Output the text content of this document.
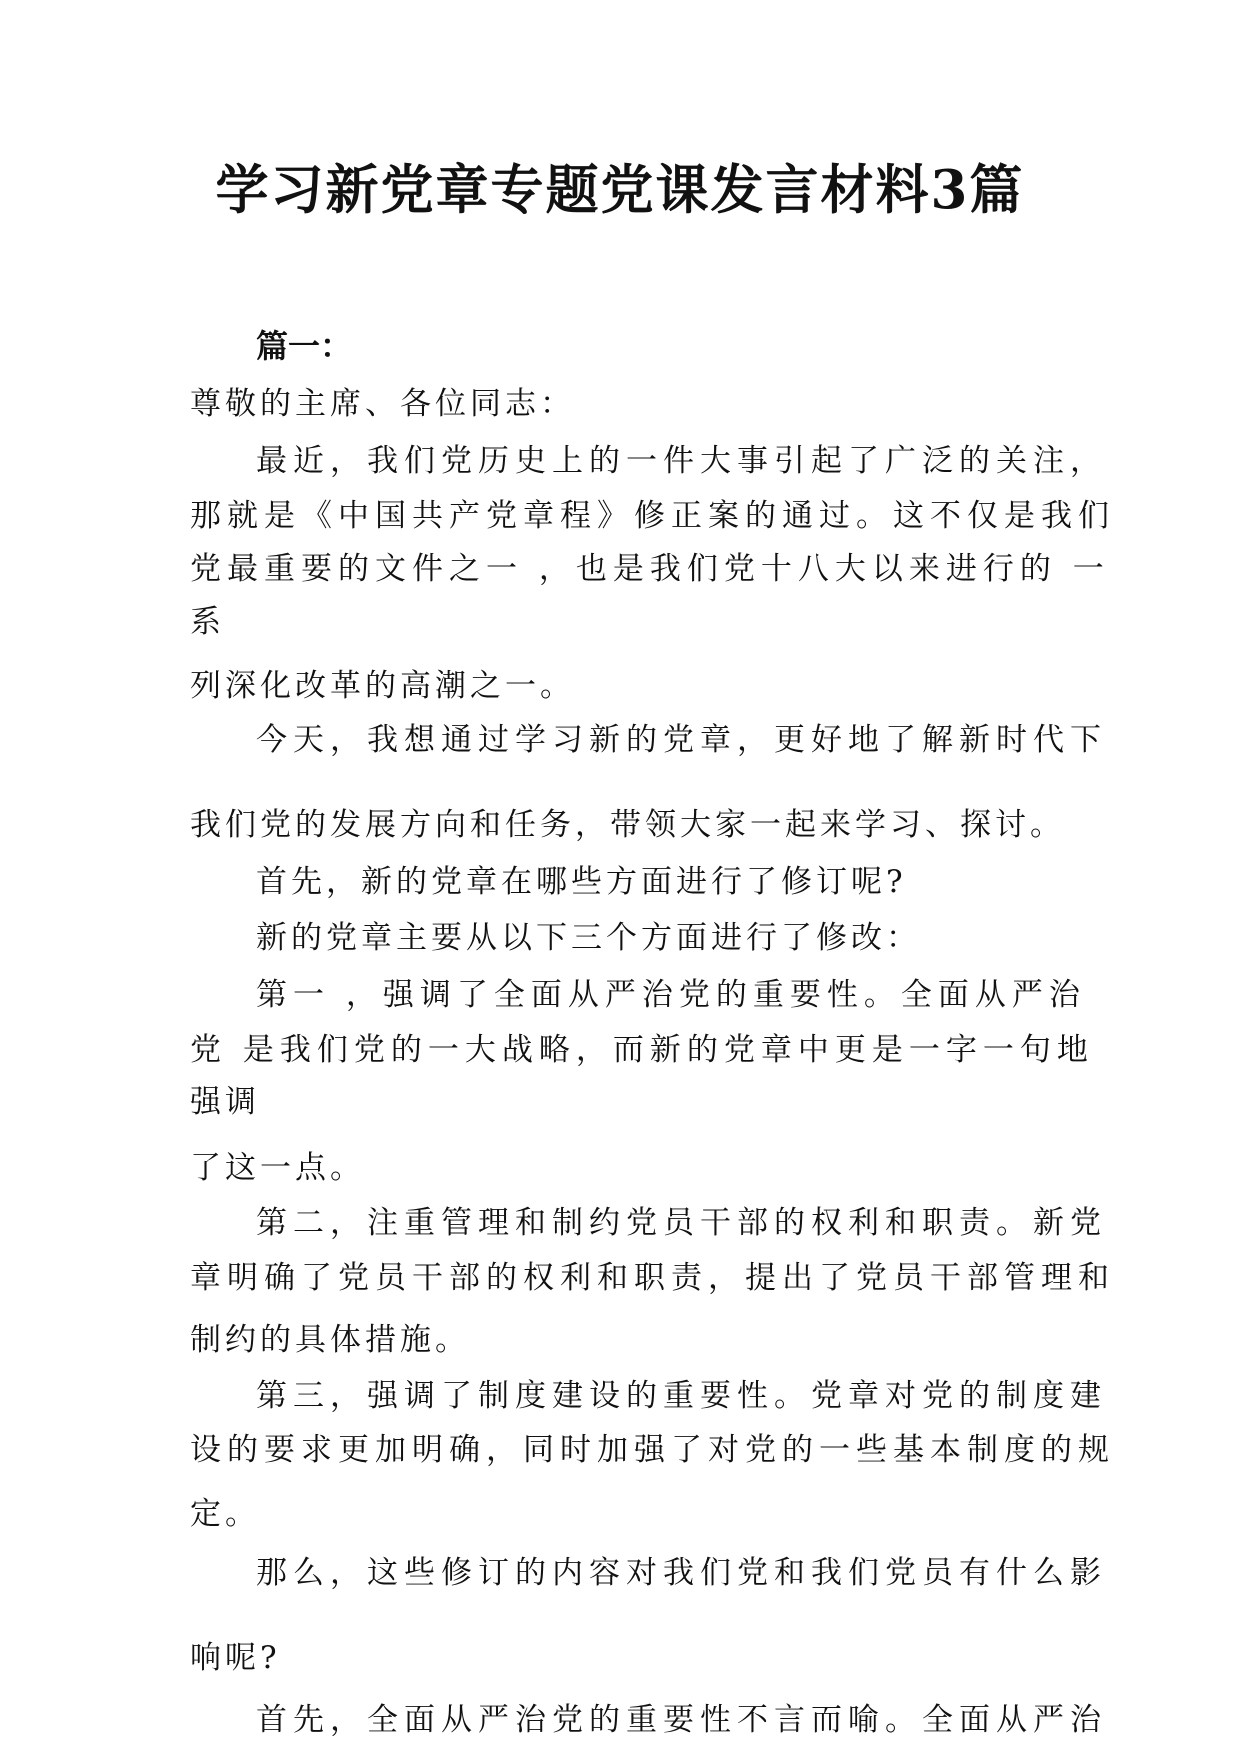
学习新党章专题党课发言材料3篇
篇一：
尊敬的主席、各位同志：
最近，我们党历史上的一件大事引起了广泛的关注，
那就是《中国共产党章程》修正案的通过。这不仅是我们
党最重要的文件之一 ，也是我们党十八大以来进行的 一
系
列深化改革的高潮之一。
今天，我想通过学习新的党章，更好地了解新时代下
我们党的发展方向和任务，带领大家一起来学习、探讨。
首先，新的党章在哪些方面进行了修订呢?
新的党章主要从以下三个方面进行了修改：
第一 ，强调了全面从严治党的重要性。全面从严治
党 是我们党的一大战略，而新的党章中更是一字一句地
强调
了这一点。
第二，注重管理和制约党员干部的权利和职责。新党
章明确了党员干部的权利和职责，提出了党员干部管理和
制约的具体措施。
第三，强调了制度建设的重要性。党章对党的制度建
设的要求更加明确，同时加强了对党的一些基本制度的规
定。
那么，这些修订的内容对我们党和我们党员有什么影
响呢?
首先，全面从严治党的重要性不言而喻。全面从严治
